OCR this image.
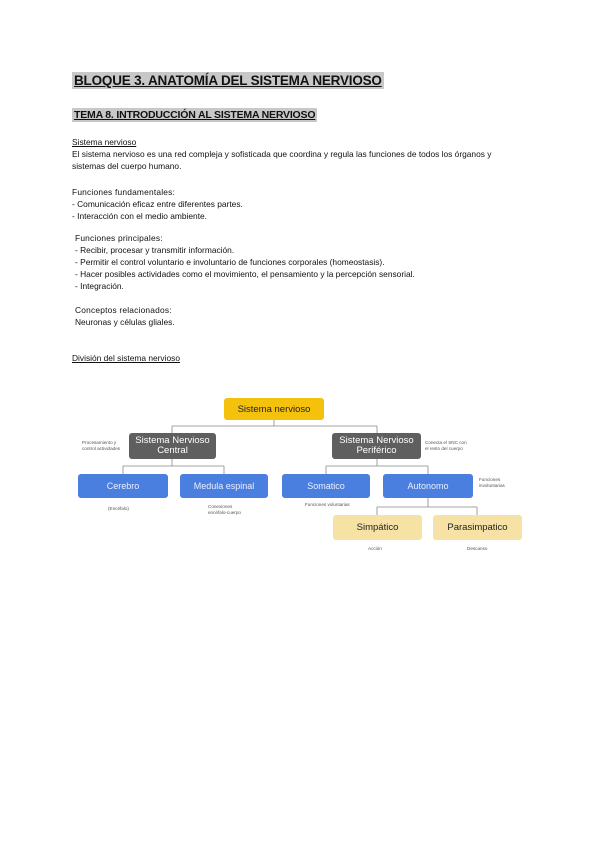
BLOQUE 3. ANATOMÍA DEL SISTEMA NERVIOSO
TEMA 8. INTRODUCCIÓN AL SISTEMA NERVIOSO
Sistema nervioso
El sistema nervioso es una red compleja y sofisticada que coordina y regula las funciones de todos los órganos y sistemas del cuerpo humano.
Funciones fundamentales:
- Comunicación eficaz entre diferentes partes.
- Interacción con el medio ambiente.
Funciones principales:
- Recibir, procesar y transmitir información.
- Permitir el control voluntario e involuntario de funciones corporales (homeostasis).
- Hacer posibles actividades como el movimiento, el pensamiento y la percepción sensorial.
- Integración.
Conceptos relacionados:
Neuronas y células gliales.
División del sistema nervioso
Sistema nervioso
Sistema Nervioso
Central
Sistema Nervioso
Periférico
Cerebro	Medula espinal	Somatico	Autonomo
Simpático	Parasimpatico
Procesamiento y
control actividades
Conecta el SNC con
el resto del cuerpo
(Encéfalo)	Conexiones
encéfalo-cuerpo
Funciones voluntarias
Funciones
involuntarias
Acción	Descanso
